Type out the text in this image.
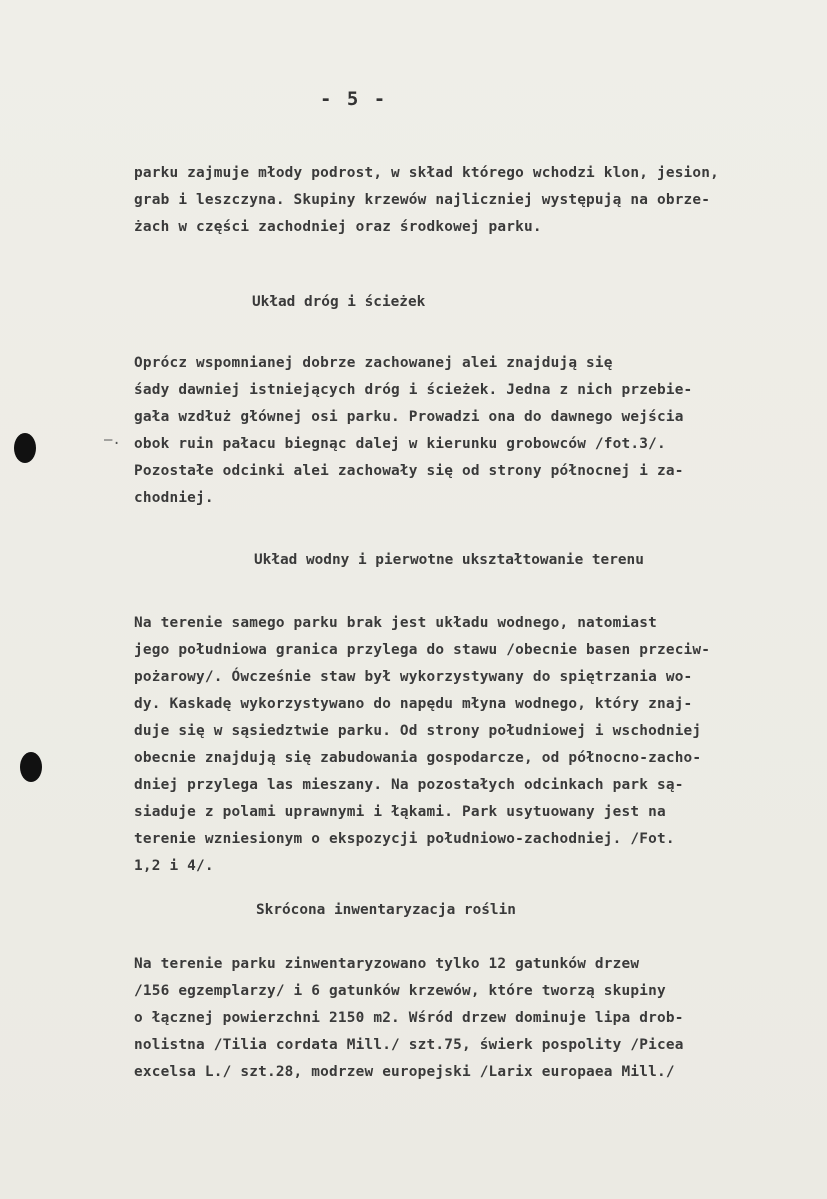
- 5 -
parku zajmuje młody podrost, w skład którego wchodzi klon, jesion,
grab i leszczyna. Skupiny krzewów najliczniej występują na obrze-
żach w części zachodniej oraz środkowej parku.
Układ dróg i ścieżek
Oprócz wspomnianej dobrze zachowanej alei znajdują się
śady dawniej istniejących dróg i ścieżek. Jedna z nich przebie-
gała wzdłuż głównej osi parku. Prowadzi ona do dawnego wejścia
obok ruin pałacu biegnąc dalej w kierunku grobowców /fot.3/.
Pozostałe odcinki alei zachowały się od strony północnej i za-
chodniej.
—.
Układ wodny i pierwotne ukształtowanie terenu
Na terenie samego parku brak jest układu wodnego, natomiast
jego południowa granica przylega do stawu /obecnie basen przeciw-
pożarowy/. Ówcześnie staw był wykorzystywany do spiętrzania wo-
dy. Kaskadę wykorzystywano do napędu młyna wodnego, który znaj-
duje się w sąsiedztwie parku. Od strony południowej i wschodniej
obecnie znajdują się zabudowania gospodarcze, od północno-zacho-
dniej przylega las mieszany. Na pozostałych odcinkach park są-
siaduje z polami uprawnymi i łąkami. Park usytuowany jest na
terenie wzniesionym o ekspozycji południowo-zachodniej. /Fot.
1,2 i 4/.
Skrócona inwentaryzacja roślin
Na terenie parku zinwentaryzowano tylko 12 gatunków drzew
/156 egzemplarzy/ i 6 gatunków krzewów, które tworzą skupiny
o łącznej powierzchni 2150 m2. Wśród drzew dominuje lipa drob-
nolistna /Tilia cordata Mill./ szt.75, świerk pospolity /Picea
excelsa L./ szt.28, modrzew europejski /Larix europaea Mill./
